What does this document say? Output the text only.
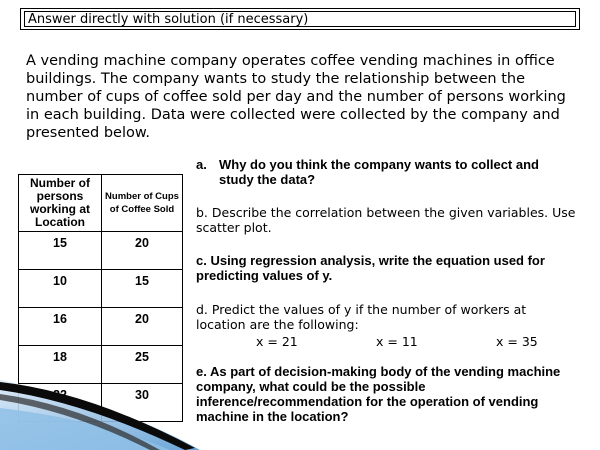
Answer directly with solution (if necessary)
A vending machine company operates coffee vending machines in office buildings. The company wants to study the relationship between the number of cups of coffee sold per day and the number of persons working in each building. Data were collected were collected by the company and presented below.
Number of persons working at Location	Number of Cups of Coffee Sold
15	20
10	15
16	20
18	25
	30
a. Why do you think the company wants to collect and study the data?
b. Describe the correlation between the given variables. Use scatter plot.
c. Using regression analysis, write the equation used for predicting values of y.
d. Predict the values of y if the number of workers at location are the following:
x = 21	x = 11	x = 35
e. As part of decision-making body of the vending machine company, what could be the possible inference/recommendation for the operation of vending machine in the location?
